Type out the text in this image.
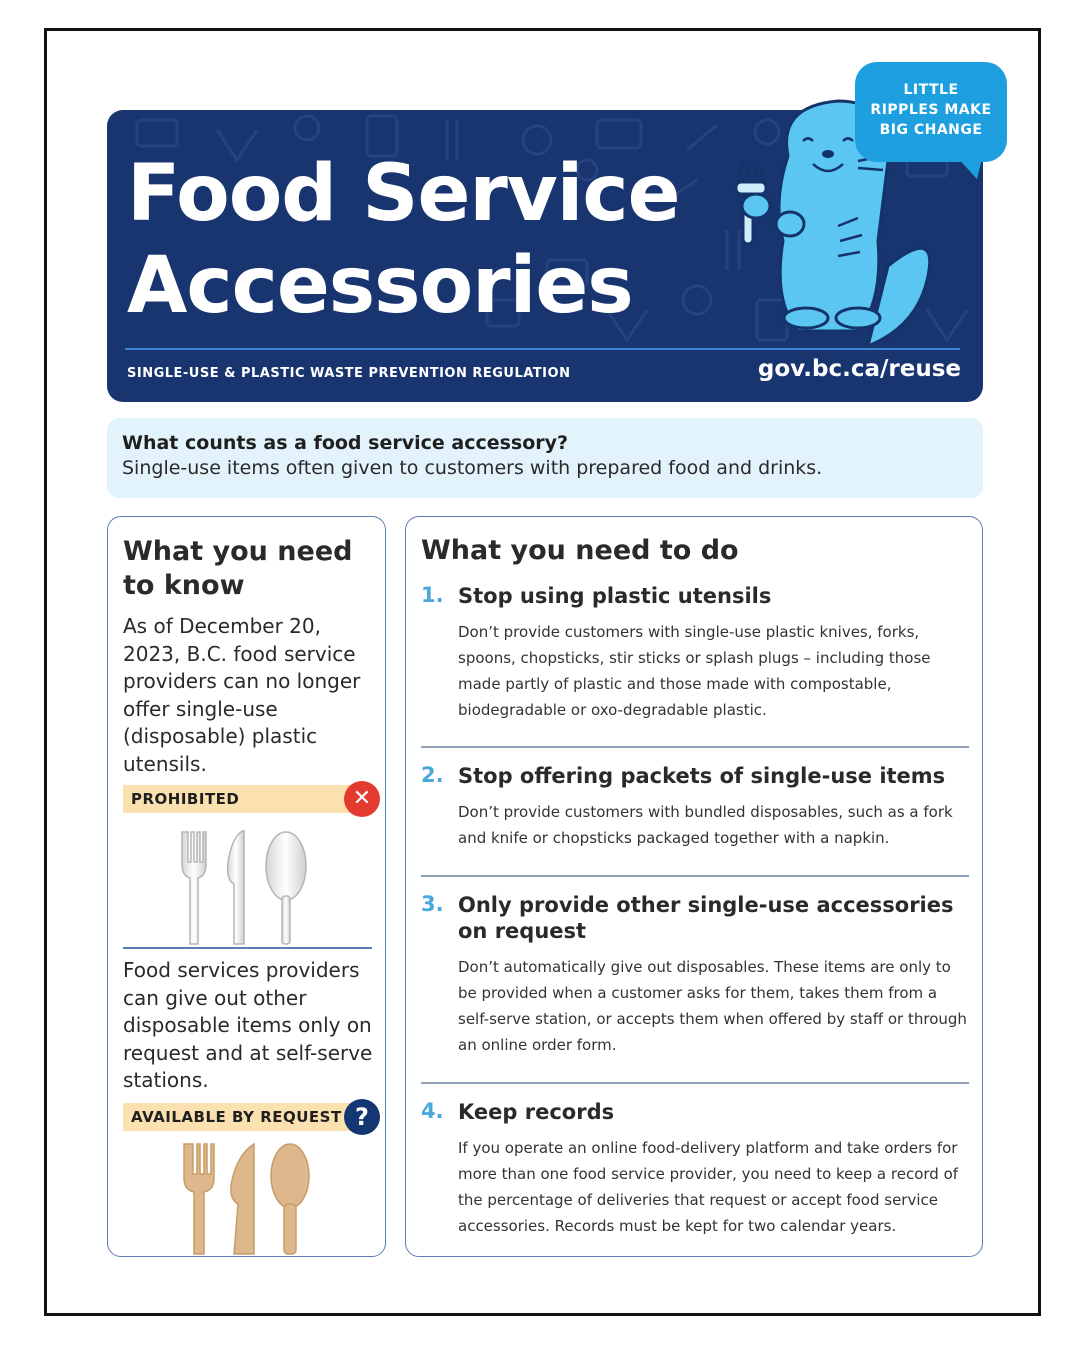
Food Service
Accessories
SINGLE-USE & PLASTIC WASTE PREVENTION REGULATION	gov.bc.ca/reuse
LITTLE
RIPPLES MAKE
BIG CHANGE
What counts as a food service accessory?
Single-use items often given to customers with prepared food and drinks.
What you need
to know
As of December 20, 2023, B.C. food service providers can no longer offer single-use (disposable) plastic utensils.
PROHIBITED	✕
Food services providers can give out other disposable items only on request and at self-serve stations.
AVAILABLE BY REQUEST ?
What you need to do
1. Stop using plastic utensils
Don’t provide customers with single-use plastic knives, forks, spoons, chopsticks, stir sticks or splash plugs – including those made partly of plastic and those made with compostable, biodegradable or oxo-degradable plastic.
2. Stop offering packets of single-use items
Don’t provide customers with bundled disposables, such as a fork and knife or chopsticks packaged together with a napkin.
3. Only provide other single-use accessories on request
Don’t automatically give out disposables. These items are only to be provided when a customer asks for them, takes them from a self-serve station, or accepts them when offered by staff or through an online order form.
4. Keep records
If you operate an online food-delivery platform and take orders for more than one food service provider, you need to keep a record of the percentage of deliveries that request or accept food service accessories. Records must be kept for two calendar years.
